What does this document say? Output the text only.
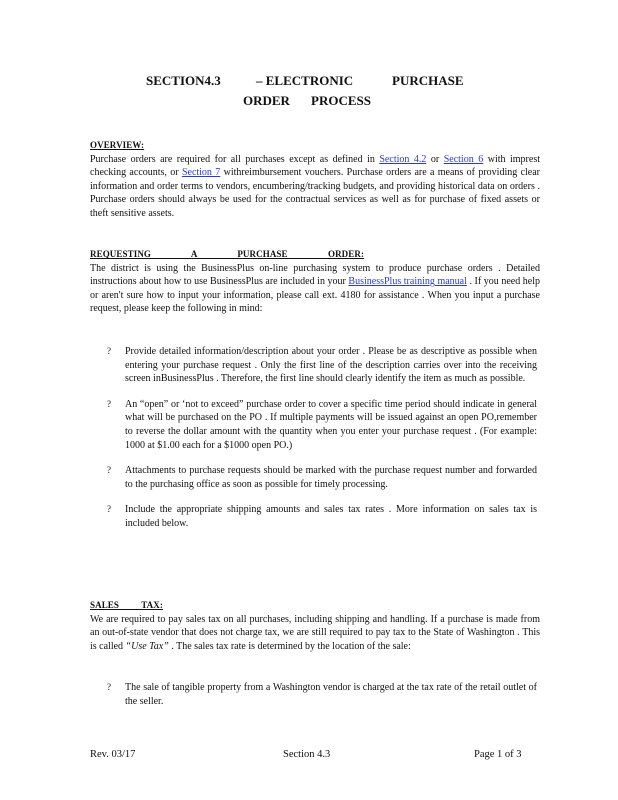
SECTION4.3	– ELECTRONIC	PURCHASE
ORDER PROCESS
OVERVIEW:
Purchase orders are required for all purchases except as defined in Section 4.2 or Section 6 with imprest checking accounts, or Section 7 withreimbursement vouchers. Purchase orders are a means of providing clear information and order terms to vendors, encumbering/tracking budgets, and providing historical data on orders . Purchase orders should always be used for the contractual services as well as for purchase of fixed assets or theft sensitive assets.
REQUESTING A PURCHASE ORDER:
The district is using the BusinessPlus on-line purchasing system to produce purchase orders . Detailed instructions about how to use BusinessPlus are included in your BusinessPlus training manual . If you need help or aren't sure how to input your information, please call ext. 4180 for assistance . When you input a purchase request, please keep the following in mind:
?	Provide detailed information/description about your order . Please be as descriptive as possible when entering your purchase request . Only the first line of the description carries over into the receiving screen inBusinessPlus . Therefore, the first line should clearly identify the item as much as possible.
?	An “open” or ‘not to exceed” purchase order to cover a specific time period should indicate in general what will be purchased on the PO . If multiple payments will be issued against an open PO,remember to reverse the dollar amount with the quantity when you enter your purchase request . (For example: 1000 at $1.00 each for a $1000 open PO.)
?	Attachments to purchase requests should be marked with the purchase request number and forwarded to the purchasing office as soon as possible for timely processing.
?	Include the appropriate shipping amounts and sales tax rates . More information on sales tax is included below.
SALES TAX:
We are required to pay sales tax on all purchases, including shipping and handling. If a purchase is made from an out-of-state vendor that does not charge tax, we are still required to pay tax to the State of Washington . This is called “Use Tax” . The sales tax rate is determined by the location of the sale:
?	The sale of tangible property from a Washington vendor is charged at the tax rate of the retail outlet of the seller.
Rev. 03/17	Section 4.3	Page 1 of 3
